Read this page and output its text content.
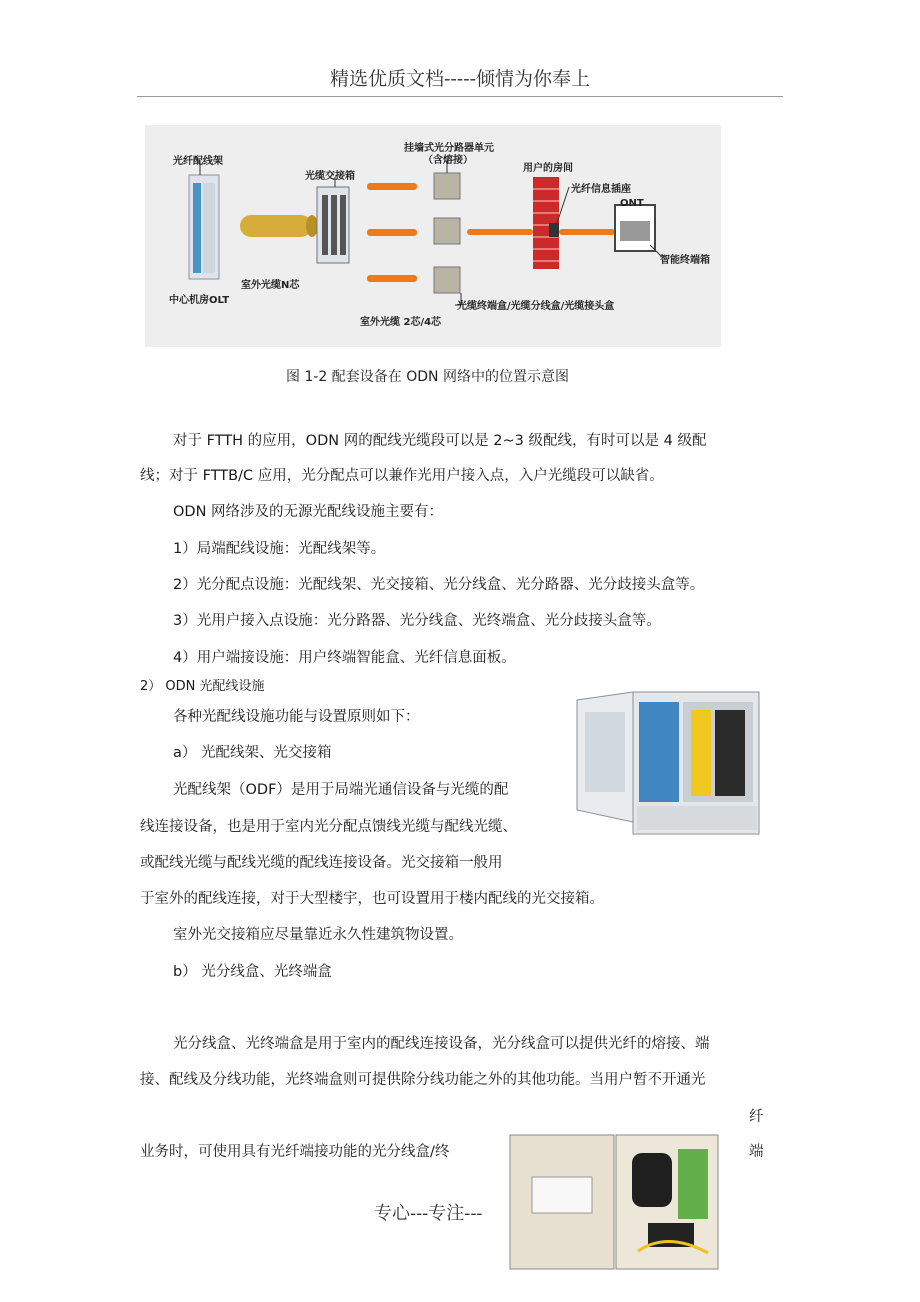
精选优质文档-----倾情为你奉上
光纤配线架
中心机房OLT
室外光缆N芯
光缆交接箱
挂墙式光分路器单元
（含熔接）
用户的房间
光纤信息插座
ONT
智能终端箱
室外光缆 2芯/4芯
光缆终端盒/光缆分线盒/光缆接头盒
图 1-2 配套设备在 ODN 网络中的位置示意图
对于 FTTH 的应用，ODN 网的配线光缆段可以是 2~3 级配线，有时可以是 4 级配
线；对于 FTTB/C 应用，光分配点可以兼作光用户接入点，入户光缆段可以缺省。
ODN 网络涉及的无源光配线设施主要有：
1）局端配线设施：光配线架等。
2）光分配点设施：光配线架、光交接箱、光分线盒、光分路器、光分歧接头盒等。
3）光用户接入点设施：光分路器、光分线盒、光终端盒、光分歧接头盒等。
4）用户端接设施：用户终端智能盒、光纤信息面板。
2） ODN 光配线设施
各种光配线设施功能与设置原则如下：
a） 光配线架、光交接箱
光配线架（ODF）是用于局端光通信设备与光缆的配
线连接设备，也是用于室内光分配点馈线光缆与配线光缆、
或配线光缆与配线光缆的配线连接设备。光交接箱一般用
于室外的配线连接，对于大型楼宇，也可设置用于楼内配线的光交接箱。
室外光交接箱应尽量靠近永久性建筑物设置。
b） 光分线盒、光终端盒
光分线盒、光终端盒是用于室内的配线连接设备，光分线盒可以提供光纤的熔接、端
接、配线及分线功能，光终端盒则可提供除分线功能之外的其他功能。当用户暂不开通光
纤
业务时，可使用具有光纤端接功能的光分线盒/终	端
专心---专注---
